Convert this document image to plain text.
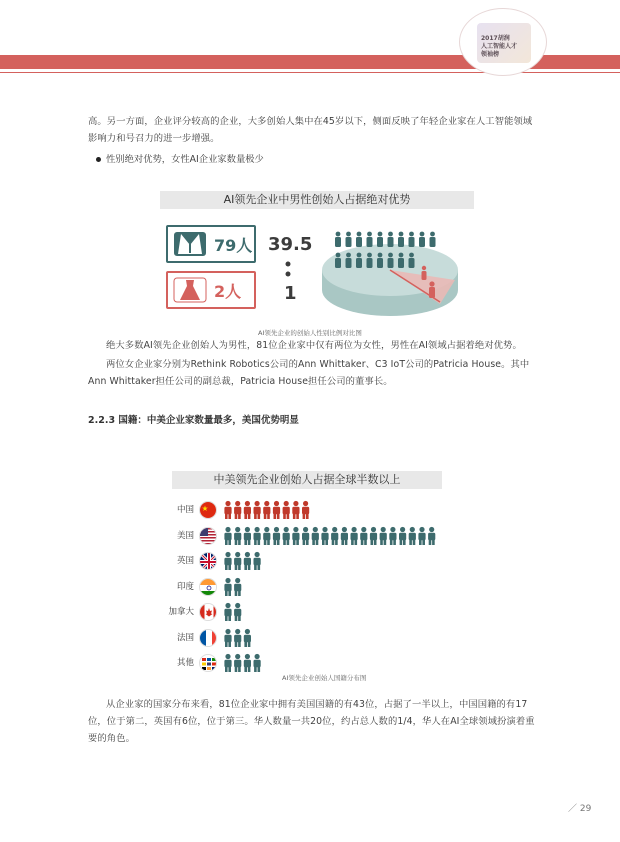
2017胡润
人工智能人才
领袖榜
高。另一方面，企业评分较高的企业，大多创始人集中在45岁以下，侧面反映了年轻企业家在人工智能领域影响力和号召力的进一步增强。
性别绝对优势，女性AI企业家数量极少
AI领先企业中男性创始人占据绝对优势
79人
2人
39.5
1
AI领先企业的创始人性别比例对比图
绝大多数AI领先企业创始人为男性，81位企业家中仅有两位为女性，男性在AI领域占据着绝对优势。
两位女企业家分别为Rethink Robotics公司的Ann Whittaker、C3 IoT公司的Patricia House。其中Ann Whittaker担任公司的副总裁，Patricia House担任公司的董事长。
2.2.3 国籍：中美企业家数量最多，美国优势明显
中美领先企业创始人占据全球半数以上
中国
美国
英国
印度
加拿大
法国
其他
AI领先企业创始人国籍分布图
从企业家的国家分布来看，81位企业家中拥有美国国籍的有43位，占据了一半以上，中国国籍的有17位，位于第二，英国有6位，位于第三。华人数量一共20位，约占总人数的1/4，华人在AI全球领域扮演着重要的角色。
／ 29
